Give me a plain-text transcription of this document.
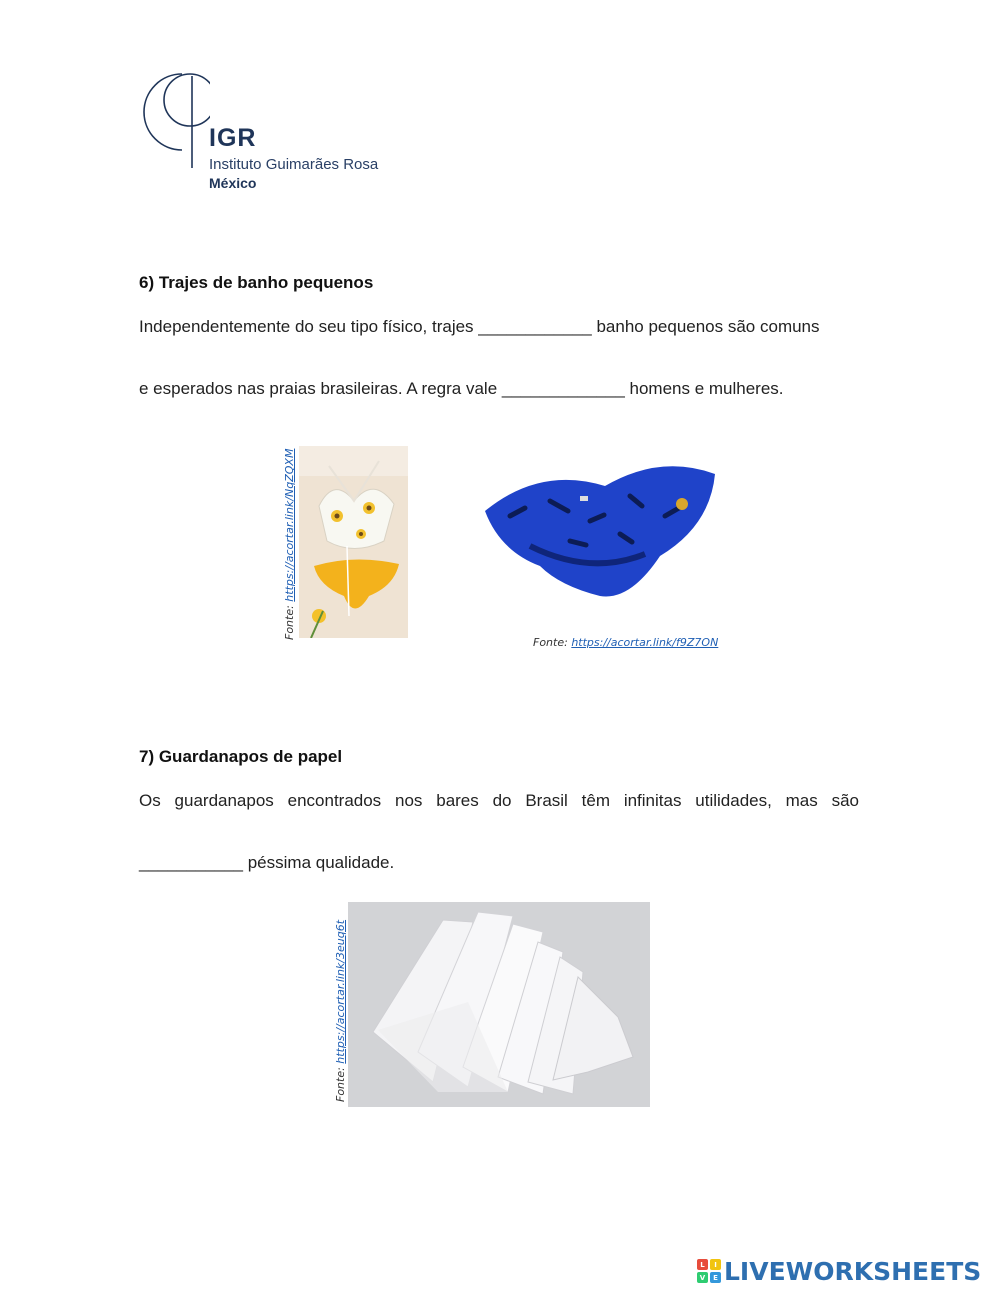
IGR
Instituto Guimarães Rosa
México
6) Trajes de banho pequenos
Independentemente do seu tipo físico, trajes ____________ banho pequenos são comuns
e esperados nas praias brasileiras. A regra vale _____________ homens e mulheres.
Fonte: https://acortar.link/NqZQXM
Fonte: https://acortar.link/f9Z7ON
7) Guardanapos de papel
Os guardanapos encontrados nos bares do Brasil têm infinitas utilidades, mas são
___________ péssima qualidade.
Fonte: https://acortar.link/3euq6t
L	I
V	E LIVEWORKSHEETS
